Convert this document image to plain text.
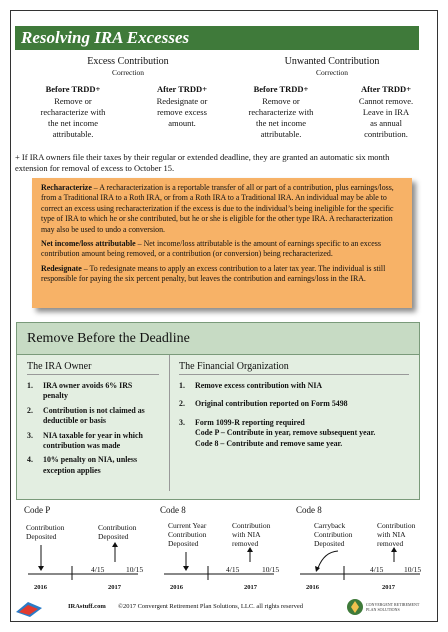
Resolving IRA Excesses
Excess Contribution
Correction
Unwanted Contribution
Correction
Before TRDD+
Remove or
recharacterize with
the net income
attributable.
After TRDD+
Redesignate or
remove excess
amount.
Before TRDD+
Remove or
recharacterize with
the net income
attributable.
After TRDD+
Cannot remove.
Leave in IRA
as annual
contribution.
+ If IRA owners file their taxes by their regular or extended deadline, they are granted an automatic six month extension for removal of excess to October 15.

Recharacterize – A recharacterization is a reportable transfer of all or part of a contribution, plus earnings/loss, from a Traditional IRA to a Roth IRA, or from a Roth IRA to a Traditional IRA. An individual may be able to correct an excess using recharacterization if the excess is due to the individual’s being ineligible for the specific type of IRA to which he or she contributed, but he or she is eligible for the other type IRA. A recharacterization may also be used to undo a conversion.

Net income/loss attributable – Net income/loss attributable is the amount of earnings specific to an excess contribution amount being removed, or a contribution (or conversion) being recharacterized.

Redesignate – To redesignate means to apply an excess contribution to a later tax year. The individual is still responsible for paying the six percent penalty, but leaves the contribution and earnings/loss in the IRA.

Remove Before the Deadline
The IRA Owner
1.	IRA owner avoids 6% IRS penalty
2.	Contribution is not claimed as deductible or basis
3.	NIA taxable for year in which contribution was made
4.	10% penalty on NIA, unless exception applies
The Financial Organization
1.	Remove excess contribution with NIA
2.	Original contribution reported on Form 5498
3.	Form 1099-R reporting required
Code P – Contribute in year, remove subsequent year.
Code 8 – Contribute and remove same year.
Code P	Code 8	Code 8
Contribution
Deposited
Contribution
Deposited
Current Year
Contribution
Deposited
Contribution
with NIA
removed
Carryback
Contribution
Deposited
Contribution
with NIA
removed
4/15	10/15	4/15	10/15	4/15	10/15
2016	2017	2016	2017	2016	2017
IRAstuff.com ©2017 Convergent Retirement Plan Solutions, LLC. all rights reserved	CONVERGENT RETIREMENT PLAN SOLUTIONS
